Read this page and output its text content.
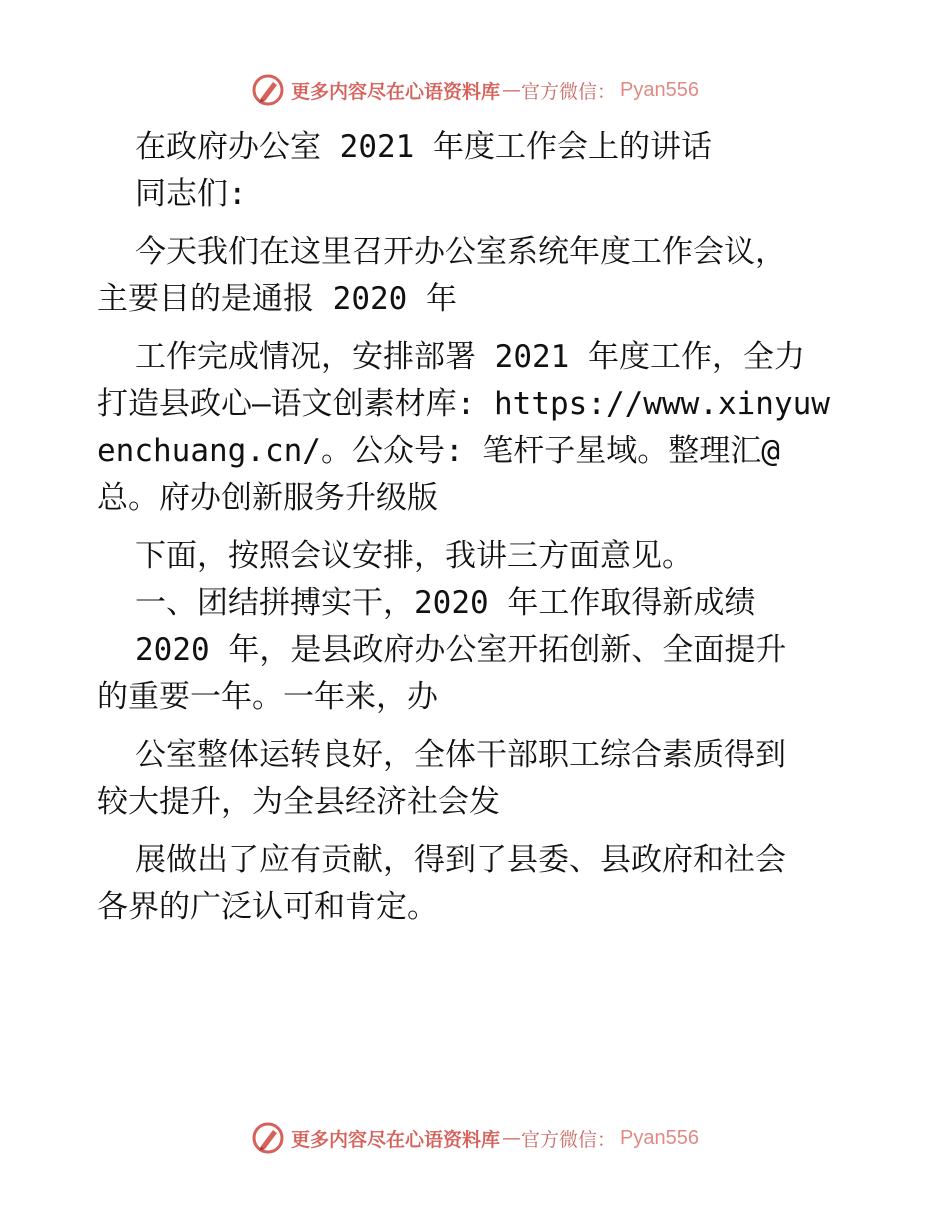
更多内容尽在心语资料库 — 官方微信： Pyan556
在政府办公室 2021 年度工作会上的讲话
同志们:
今天我们在这里召开办公室系统年度工作会议，
主要目的是通报 2020 年
工作完成情况，安排部署 2021 年度工作，全力
打造县政心—语文创素材库: https://www.xinyuw
enchuang.cn/。公众号: 笔杆子星域。整理汇@
总。府办创新服务升级版
下面，按照会议安排，我讲三方面意见。
一、团结拼搏实干，2020 年工作取得新成绩
2020 年，是县政府办公室开拓创新、全面提升
的重要一年。一年来，办
公室整体运转良好，全体干部职工综合素质得到
较大提升，为全县经济社会发
展做出了应有贡献，得到了县委、县政府和社会
各界的广泛认可和肯定。
更多内容尽在心语资料库 — 官方微信： Pyan556
